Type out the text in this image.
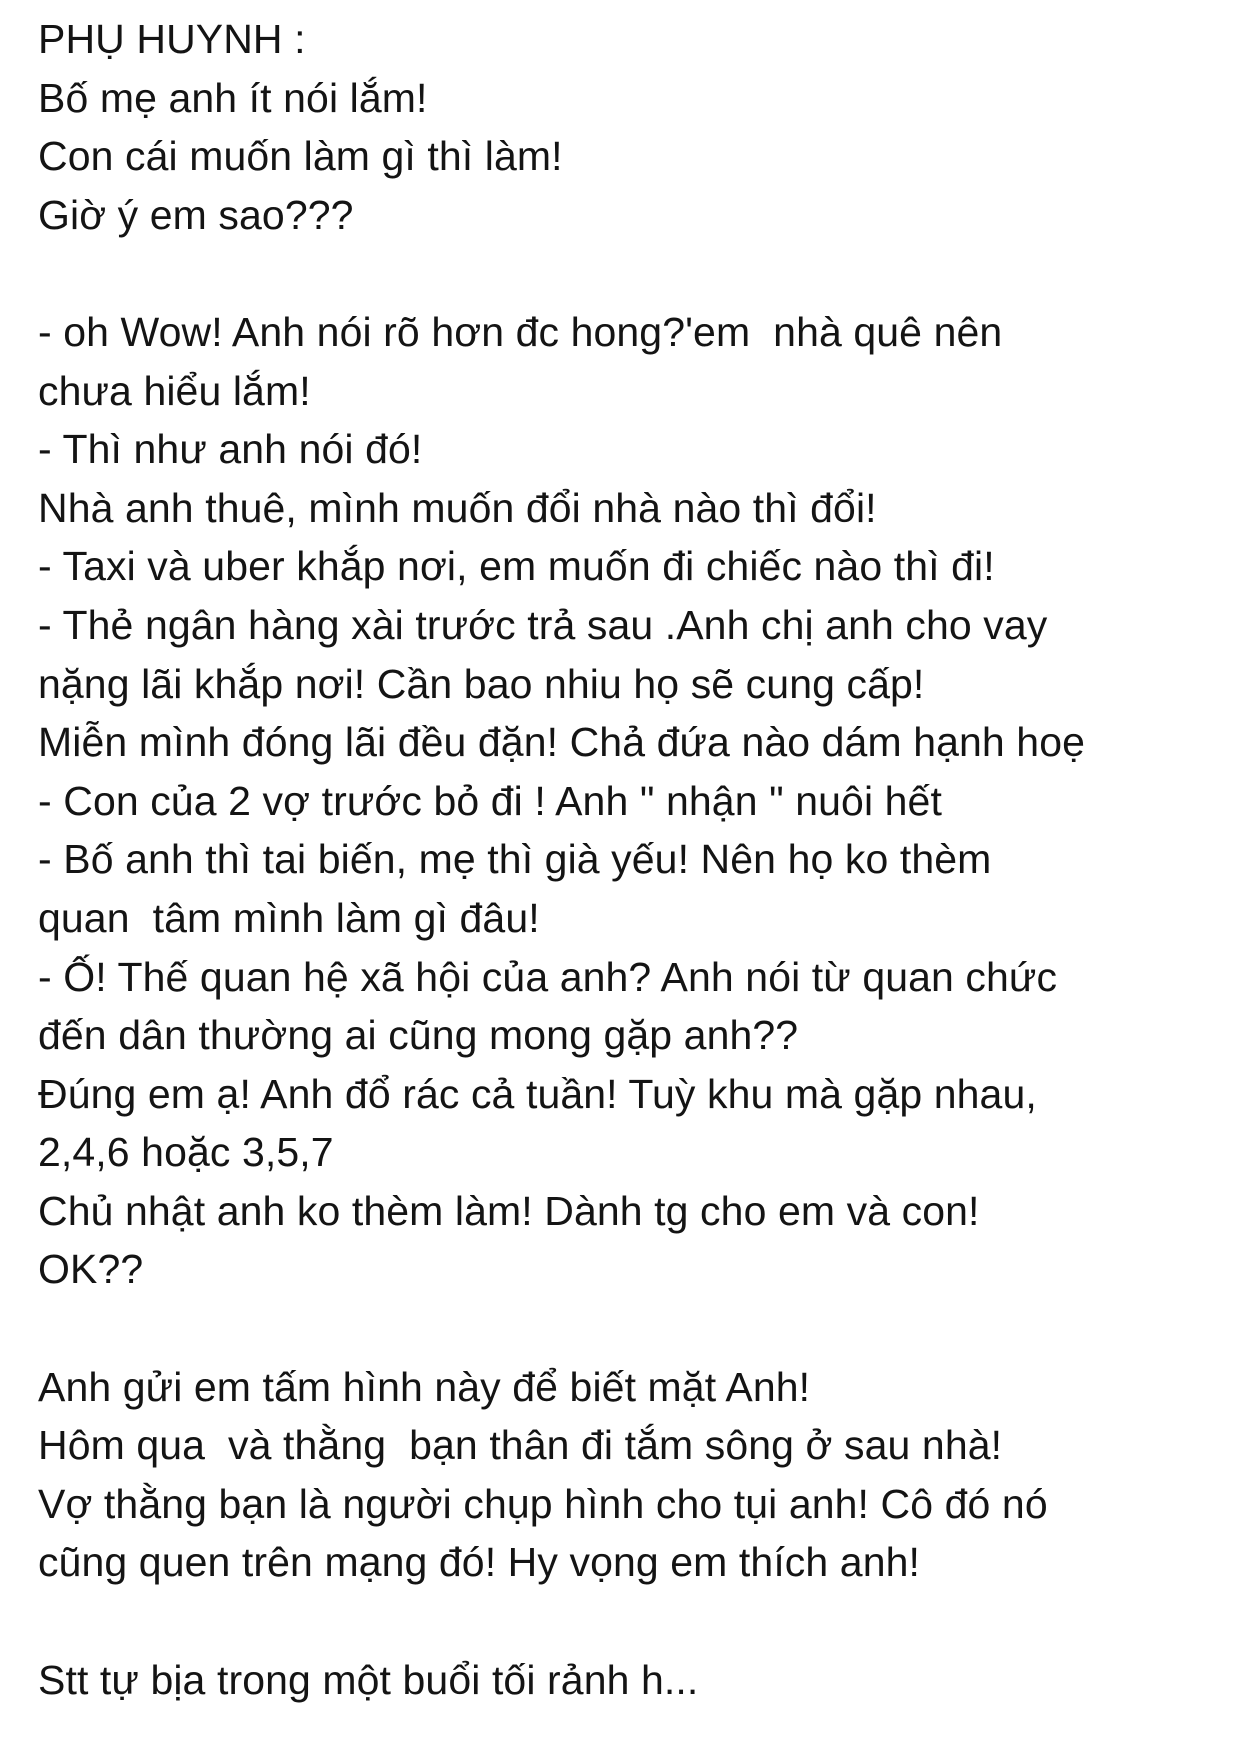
PHỤ HUYNH :
Bố mẹ anh ít nói lắm!
Con cái muốn làm gì thì làm!
Giờ ý em sao???
- oh Wow! Anh nói rõ hơn đc hong?'em  nhà quê nên
chưa hiểu lắm!
- Thì như anh nói đó!
Nhà anh thuê, mình muốn đổi nhà nào thì đổi!
- Taxi và uber khắp nơi, em muốn đi chiếc nào thì đi!
- Thẻ ngân hàng xài trước trả sau .Anh chị anh cho vay
nặng lãi khắp nơi! Cần bao nhiu họ sẽ cung cấp!
Miễn mình đóng lãi đều đặn! Chả đứa nào dám hạnh hoẹ
- Con của 2 vợ trước bỏ đi ! Anh " nhận " nuôi hết
- Bố anh thì tai biến, mẹ thì già yếu! Nên họ ko thèm
quan  tâm mình làm gì đâu!
- Ố! Thế quan hệ xã hội của anh? Anh nói từ quan chức
đến dân thường ai cũng mong gặp anh??
Đúng em ạ! Anh đổ rác cả tuần! Tuỳ khu mà gặp nhau,
2,4,6 hoặc 3,5,7
Chủ nhật anh ko thèm làm! Dành tg cho em và con!
OK??
Anh gửi em tấm hình này để biết mặt Anh!
Hôm qua  và thằng  bạn thân đi tắm sông ở sau nhà!
Vợ thằng bạn là người chụp hình cho tụi anh! Cô đó nó
cũng quen trên mạng đó! Hy vọng em thích anh!
Stt tự bịa trong một buổi tối rảnh h...
